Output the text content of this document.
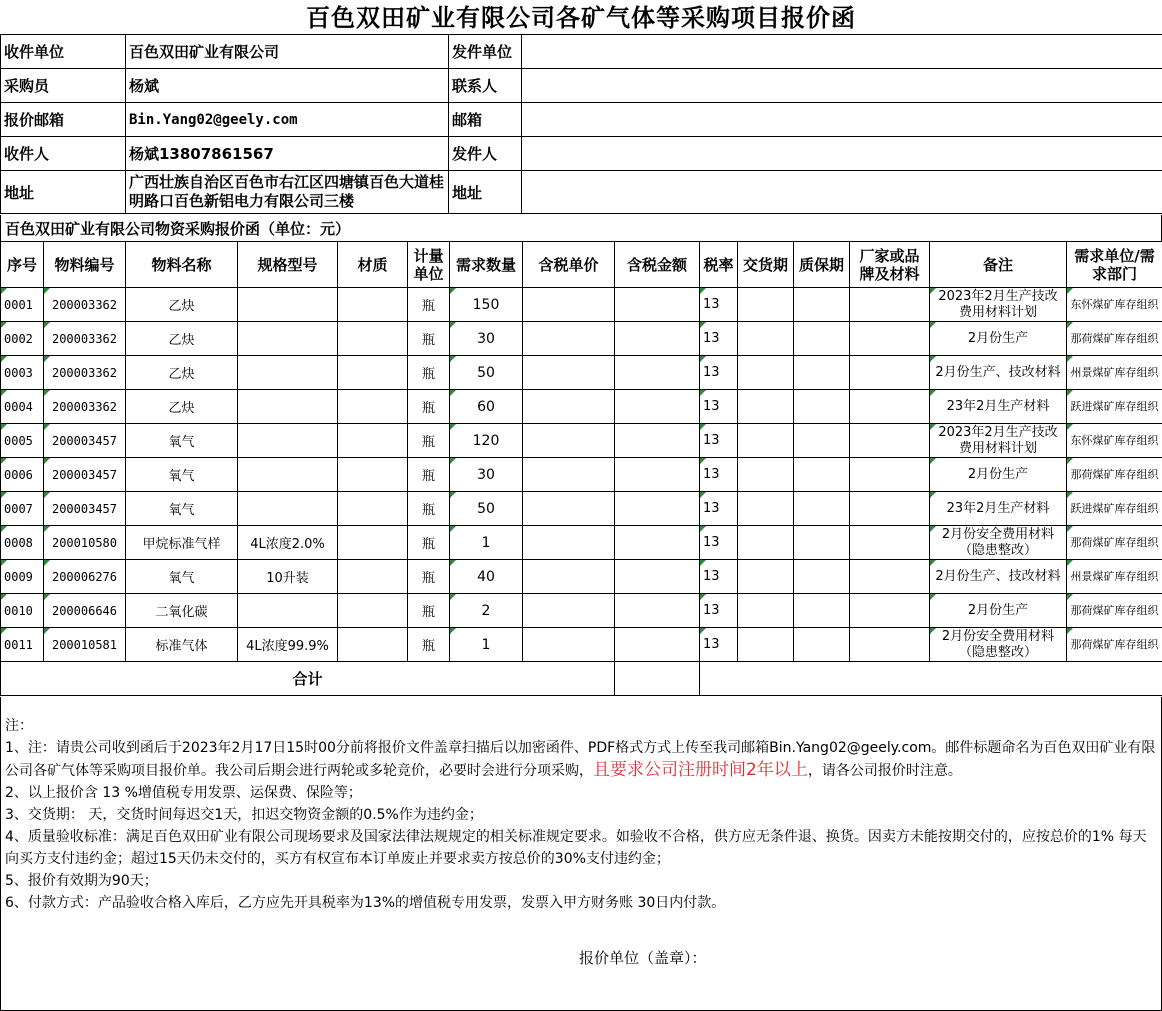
百色双田矿业有限公司各矿气体等采购项目报价函
收件单位	百色双田矿业有限公司	发件单位	
采购员	杨斌	联系人	
报价邮箱	Bin.Yang02@geely.com	邮箱	
收件人	杨斌13807861567	发件人	
地址	广西壮族自治区百色市右江区四塘镇百色大道桂明路口百色新铝电力有限公司三楼	地址	
百色双田矿业有限公司物资采购报价函（单位：元）
序号	物料编号	物料名称	规格型号	材质	计量单位	需求数量	含税单价	含税金额	税率	交货期	质保期	厂家或品牌及材料	备注	需求单位/需求部门
0001	200003362	乙炔			瓶	150			13				2023年2月生产技改费用材料计划	东怀煤矿库存组织
0002	200003362	乙炔			瓶	30			13				2月份生产	那荷煤矿库存组织
0003	200003362	乙炔			瓶	50			13				2月份生产、技改材料	州景煤矿库存组织
0004	200003362	乙炔			瓶	60			13				23年2月生产材料	跃进煤矿库存组织
0005	200003457	氧气			瓶	120			13				2023年2月生产技改费用材料计划	东怀煤矿库存组织
0006	200003457	氧气			瓶	30			13				2月份生产	那荷煤矿库存组织
0007	200003457	氧气			瓶	50			13				23年2月生产材料	跃进煤矿库存组织
0008	200010580	甲烷标准气样	4L浓度2.0%		瓶	1			13				2月份安全费用材料（隐患整改）	那荷煤矿库存组织
0009	200006276	氧气	10升装		瓶	40			13				2月份生产、技改材料	州景煤矿库存组织
0010	200006646	二氧化碳			瓶	2			13				2月份生产	那荷煤矿库存组织
0011	200010581	标准气体	4L浓度99.9%		瓶	1			13				2月份安全费用材料（隐患整改）	那荷煤矿库存组织
合计														

注：

1、注：请贵公司收到函后于2023年2月17日15时00分前将报价文件盖章扫描后以加密函件、PDF格式方式上传至我司邮箱Bin.Yang02@geely.com。邮件标题命名为百色双田矿业有限公司各矿气体等采购项目报价单。我公司后期会进行两轮或多轮竞价，必要时会进行分项采购，且要求公司注册时间2年以上，请各公司报价时注意。

2、以上报价含 13 %增值税专用发票、运保费、保险等；

3、交货期： 天，交货时间每迟交1天，扣迟交物资金额的0.5%作为违约金；

4、质量验收标准：满足百色双田矿业有限公司现场要求及国家法律法规规定的相关标准规定要求。如验收不合格，供方应无条件退、换货。因卖方未能按期交付的，应按总价的1% 每天向买方支付违约金；超过15天仍未交付的，买方有权宣布本订单废止并要求卖方按总价的30%支付违约金；

5、报价有效期为90天；

6、付款方式：产品验收合格入库后，乙方应先开具税率为13%的增值税专用发票，发票入甲方财务账 30日内付款。

报价单位（盖章）：
